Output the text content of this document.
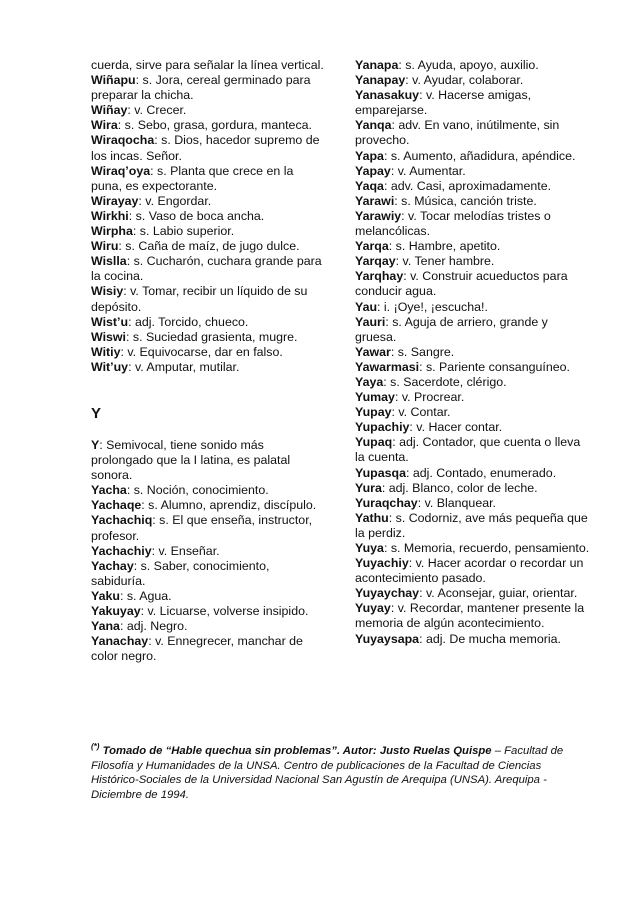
cuerda, sirve para señalar la línea vertical.
Wiñapu: s. Jora, cereal germinado para preparar la chicha.
Wiñay: v. Crecer.
Wira: s. Sebo, grasa, gordura, manteca.
Wiraqocha: s. Dios, hacedor supremo de los incas. Señor.
Wiraq’oya: s. Planta que crece en la puna, es expectorante.
Wirayay: v. Engordar.
Wirkhi: s. Vaso de boca ancha.
Wirpha: s. Labio superior.
Wiru: s. Caña de maíz, de jugo dulce.
Wislla: s. Cucharón, cuchara grande para la cocina.
Wisiy: v. Tomar, recibir un líquido de su depósito.
Wist’u: adj. Torcido, chueco.
Wiswi: s. Suciedad grasienta, mugre.
Witiy: v. Equivocarse, dar en falso.
Wit’uy: v. Amputar, mutilar.
Y
Y: Semivocal, tiene sonido más prolongado que la I latina, es palatal sonora.
Yacha: s. Noción, conocimiento.
Yachaqe: s. Alumno, aprendiz, discípulo.
Yachachiq: s. El que enseña, instructor, profesor.
Yachachiy: v. Enseñar.
Yachay: s. Saber, conocimiento, sabiduría.
Yaku: s. Agua.
Yakuyay: v. Licuarse, volverse insipido.
Yana: adj. Negro.
Yanachay: v. Ennegrecer, manchar de color negro.
Yanapa: s. Ayuda, apoyo, auxilio.
Yanapay: v. Ayudar, colaborar.
Yanasakuy: v. Hacerse amigas, emparejarse.
Yanqa: adv. En vano, inútilmente, sin provecho.
Yapa: s. Aumento, añadidura, apéndice.
Yapay: v. Aumentar.
Yaqa: adv. Casi, aproximadamente.
Yarawi: s. Música, canción triste.
Yarawiy: v. Tocar melodías tristes o melancólicas.
Yarqa: s. Hambre, apetito.
Yarqay: v. Tener hambre.
Yarqhay: v. Construir acueductos para conducir agua.
Yau: i. ¡Oye!, ¡escucha!.
Yauri: s. Aguja de arriero, grande y gruesa.
Yawar: s. Sangre.
Yawarmasi: s. Pariente consanguíneo.
Yaya: s. Sacerdote, clérigo.
Yumay: v. Procrear.
Yupay: v. Contar.
Yupachiy: v. Hacer contar.
Yupaq: adj. Contador, que cuenta o lleva la cuenta.
Yupasqa: adj. Contado, enumerado.
Yura: adj. Blanco, color de leche.
Yuraqchay: v. Blanquear.
Yathu: s. Codorniz, ave más pequeña que la perdiz.
Yuya: s. Memoria, recuerdo, pensamiento.
Yuyachiy: v. Hacer acordar o recordar un acontecimiento pasado.
Yuyaychay: v. Aconsejar, guiar, orientar.
Yuyay: v. Recordar, mantener presente la memoria de algún acontecimiento.
Yuyaysapa: adj. De mucha memoria.
(*) Tomado de “Hable quechua sin problemas”. Autor: Justo Ruelas Quispe – Facultad de Filosofía y Humanidades de la UNSA. Centro de publicaciones de la Facultad de Ciencias Histórico-Sociales de la Universidad Nacional San Agustín de Arequipa (UNSA). Arequipa - Diciembre de 1994.
